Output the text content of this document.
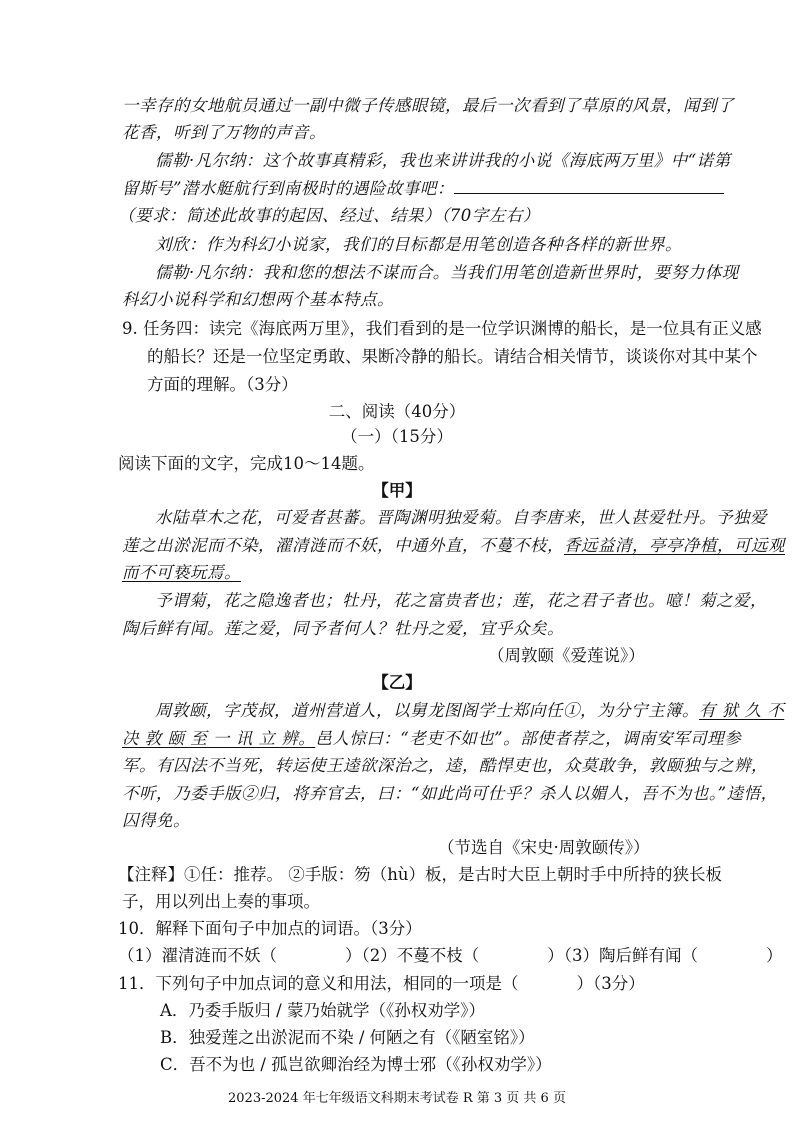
一幸存的女地航员通过一副中微子传感眼镜，最后一次看到了草原的风景，闻到了
花香，听到了万物的声音。
儒勒·凡尔纳：这个故事真精彩，我也来讲讲我的小说《海底两万里》中“诺第
留斯号”潜水艇航行到南极时的遇险故事吧：
（要求：简述此故事的起因、经过、结果）（70字左右）
刘欣：作为科幻小说家，我们的目标都是用笔创造各种各样的新世界。
儒勒·凡尔纳：我和您的想法不谋而合。当我们用笔创造新世界时，要努力体现
科幻小说科学和幻想两个基本特点。
9. 任务四：读完《海底两万里》，我们看到的是一位学识渊博的船长，是一位具有正义感
的船长？还是一位坚定勇敢、果断冷静的船长。请结合相关情节，谈谈你对其中某个
方面的理解。（3分）
二、阅读（40分）
（一）（15分）
阅读下面的文字，完成10～14题。
【甲】
水陆草木之花，可爱者甚蕃。晋陶渊明独爱菊。自李唐来，世人甚爱牡丹。予独爱
莲之出淤泥而不染，濯清涟而不妖，中通外直，不蔓不枝，香远益清，亭亭净植，可远观
而不可亵玩焉。
予谓菊，花之隐逸者也；牡丹，花之富贵者也；莲，花之君子者也。噫！菊之爱，
陶后鲜有闻。莲之爱，同予者何人？牡丹之爱，宜乎众矣。
（周敦颐《爱莲说》）
【乙】
周敦颐，字茂叔，道州营道人，以舅龙图阁学士郑向任①，为分宁主簿。有 狱 久 不
决 敦 颐 至 一 讯 立 辨。邑人惊曰：“老吏不如也”。部使者荐之，调南安军司理参
军。有囚法不当死，转运使王逵欲深治之，逵，酷悍吏也，众莫敢争，敦颐独与之辨，
不听，乃委手版②归，将弃官去，曰：“如此尚可仕乎？杀人以媚人，吾不为也。”逵悟，
囚得免。
（节选自《宋史·周敦颐传》）
【注释】①任：推荐。 ②手版：笏（hù）板，是古时大臣上朝时手中所持的狭长板
子，用以列出上奏的事项。
10．解释下面句子中加点的词语。（3分）
（1）濯清涟而不妖（	）（2）不蔓不枝（	）（3）陶后鲜有闻（	）
11．下列句子中加点词的意义和用法，相同的一项是（	）（3分）
A．乃委手版归 / 蒙乃始就学（《孙权劝学》）
B．独爱莲之出淤泥而不染 / 何陋之有（《陋室铭》）
C．吾不为也 / 孤岂欲卿治经为博士邪（《孙权劝学》）
2023-2024 年七年级语文科期末考试卷 R 第 3 页 共 6 页
